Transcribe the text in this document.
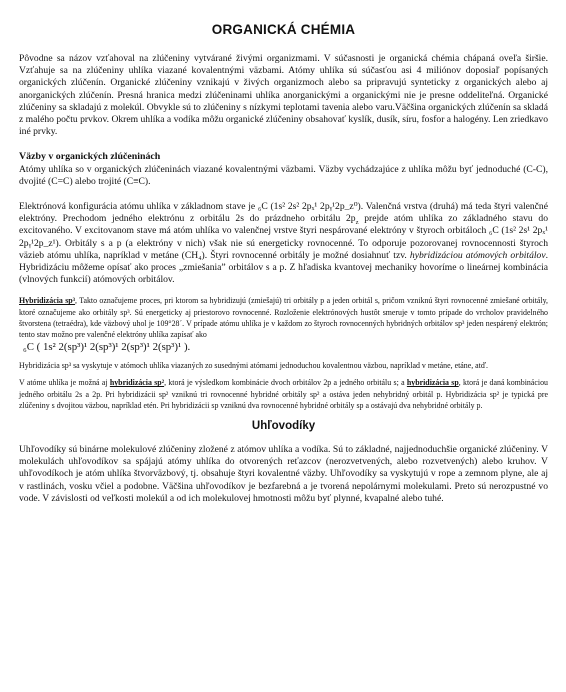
ORGANICKÁ CHÉMIA

Pôvodne sa názov vzťahoval na zlúčeniny vytvárané živými organizmami. V súčasnosti je organická chémia chápaná oveľa širšie. Vzťahuje sa na zlúčeniny uhlíka viazané kovalentnými väzbami. Atómy uhlíka sú súčasťou asi 4 miliónov doposiaľ popísaných organických zlúčenín. Organické zlúčeniny vznikajú v živých organizmoch alebo sa pripravujú synteticky z organických alebo aj anorganických zlúčenín. Presná hranica medzi zlúčeninami uhlíka anorganickými a organickými nie je presne oddeliteľná. Organické zlúčeniny sa skladajú z molekúl. Obvykle sú to zlúčeniny s nízkymi teplotami tavenia alebo varu.Väčšina organických zlúčenín sa skladá z malého počtu prvkov. Okrem uhlíka a vodíka môžu organické zlúčeniny obsahovať kyslík, dusík, síru, fosfor a halogény. Len zriedkavo iné prvky.

Väzby v organických zlúčeninách

Atómy uhlíka so v organických zlúčeninách viazané kovalentnými väzbami. Väzby vychádzajúce z uhlíka môžu byť jednoduché (C-C), dvojité (C=C) alebo trojité (C≡C).

Elektrónová konfigurácia atómu uhlíka v základnom stave je ₆C (1s² 2s² 2pₓ¹ 2pᵧ¹2p_z⁰). Valenčná vrstva (druhá) má teda štyri valenčné elektróny. Prechodom jedného elektrónu z orbitálu 2s do prázdneho orbitálu $2p_z$ prejde atóm uhlíka zo základného stavu do excitovaného. V excitovanom stave má atóm uhlíka vo valenčnej vrstve štyri nespárované elektróny v štyroch orbitáloch ₆C (1s² 2s¹ 2pₓ¹ 2pᵧ¹2p_z¹). Orbitály s a p (a elektróny v nich) však nie sú energeticky rovnocenné. To odporuje pozorovanej rovnocennosti štyroch väzieb atómu uhlíka, napríklad v metáne (CH₄). Štyri rovnocenné orbitály je možné dosiahnuť tzv. hybridizáciou atómových orbitálov. Hybridizáciu môžeme opísať ako proces „zmiešania” orbitálov s a p. Z hľadiska kvantovej mechaniky hovoríme o lineárnej kombinácia (vlnových funkcií) atómových orbitálov.

Hybridizácia sp³, Takto označujeme proces, pri ktorom sa hybridizujú (zmiešajú) tri orbitály p a jeden orbitál s, pričom vzniknú štyri rovnocenné zmiešané orbitály, ktoré označujeme ako orbitály sp³. Sú energeticky aj priestorovo rovnocenné. Rozloženie elektrónových hustôt smeruje v tomto prípade do vrcholov pravidelného štvorstena (tetraédra), kde väzbový uhol je 109°28´. V prípade atómu uhlíka je v každom zo štyroch rovnocenných hybridných orbitálov sp³ jeden nespárený elektrón; tento stav možno pre valenčné elektróny uhlíka zapísať ako

₆C ( 1s² 2(sp³)¹ 2(sp³)¹ 2(sp³)¹ 2(sp³)¹ ).

Hybridizácia sp³ sa vyskytuje v atómoch uhlíka viazaných zo susednými atómami jednoduchou kovalentnou väzbou, napríklad v metáne, etáne, atď.

V atóme uhlíka je možná aj hybridizácia sp², ktorá je výsledkom kombinácie dvoch orbitálov 2p a jedného orbitálu s; a hybridizácia sp, ktorá je daná kombináciou jedného orbitálu 2s a 2p. Pri hybridizácii sp² vzniknú tri rovnocenné hybridné orbitály sp² a ostáva jeden nehybridný orbitál p. Hybridizácia sp² je typická pre zlúčeniny s dvojitou väzbou, napríklad etén. Pri hybridizácii sp vzniknú dva rovnocenné hybridné orbitály sp a ostávajú dva nehybridné orbitály p.

Uhľovodíky

Uhľovodíky sú binárne molekulové zlúčeniny zložené z atómov uhlíka a vodíka. Sú to základné, najjednoduchšie organické zlúčeniny. V molekulách uhľovodíkov sa spájajú atómy uhlíka do otvorených reťazcov (nerozvetvených, alebo rozvetvených) alebo kruhov. V uhľovodíkoch je atóm uhlíka štvorväzbový, tj. obsahuje štyri kovalentné väzby. Uhľovodíky sa vyskytujú v rope a zemnom plyne, ale aj v rastlinách, vosku včiel a podobne. Väčšina uhľovodíkov je bezfarebná a je tvorená nepolárnymi molekulami. Preto sú nerozpustné vo vode. V závislosti od veľkosti molekúl a od ich molekulovej hmotnosti môžu byť plynné, kvapalné alebo tuhé.
